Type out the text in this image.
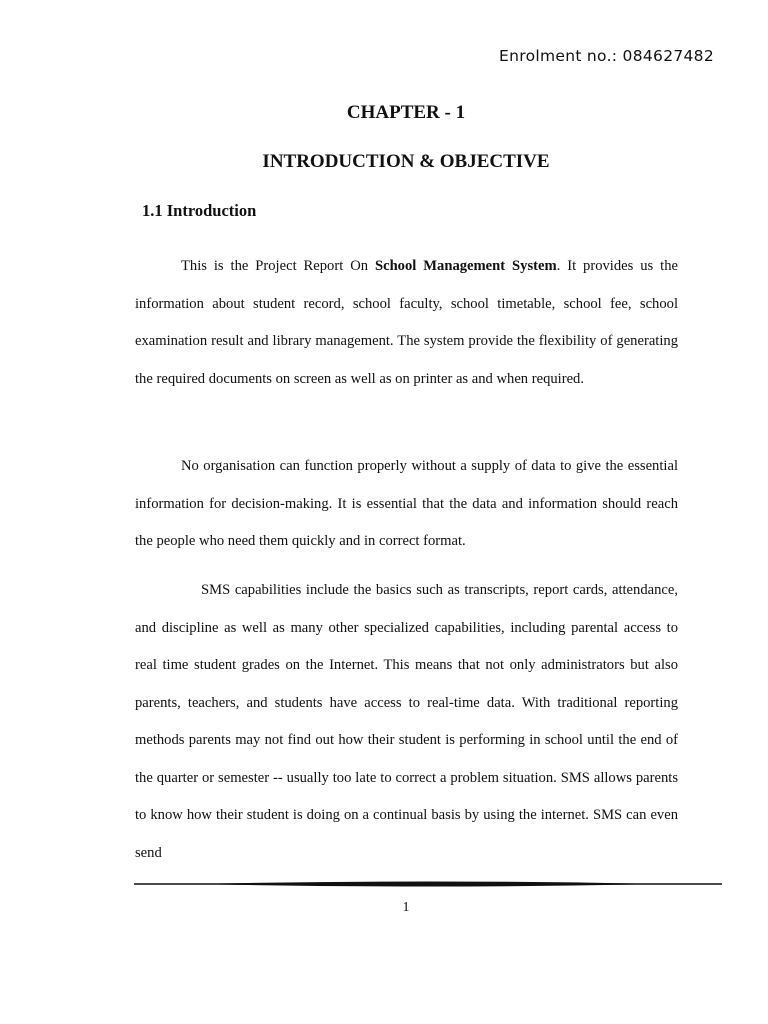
Enrolment no.: 084627482
CHAPTER - 1
INTRODUCTION & OBJECTIVE
1.1 Introduction

This is the Project Report On School Management System. It provides us the information about student record, school faculty, school timetable, school fee, school examination result and library management. The system provide the flexibility of generating the required documents on screen as well as on printer as and when required.

No organisation can function properly without a supply of data to give the essential information for decision-making. It is essential that the data and information should reach the people who need them quickly and in correct format.

SMS capabilities include the basics such as transcripts, report cards, attendance, and discipline as well as many other specialized capabilities, including parental access to real time student grades on the Internet. This means that not only administrators but also parents, teachers, and students have access to real-time data. With traditional reporting methods parents may not find out how their student is performing in school until the end of the quarter or semester -- usually too late to correct a problem situation. SMS allows parents to know how their student is doing on a continual basis by using the internet. SMS can even send

1
